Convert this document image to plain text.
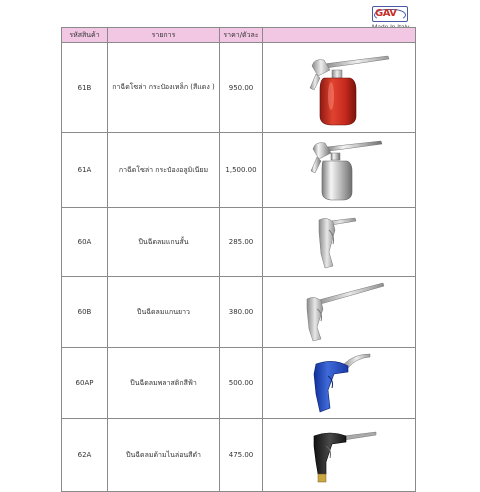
GAV
รหัสสินค้า	รายการ	ราคา/ตัวละ	
61B	กาฉีดโซล่า กระป๋องเหล็ก (สีแดง )	950.00	

61A	กาฉีดโซล่า กระป๋องอลูมิเนียม	1,500.00	

60A	ปืนฉีดลมแกนสั้น	285.00	

60B	ปืนฉีดลมแกนยาว	380.00	

60AP	ปืนฉีดลมพลาสติกสีฟ้า	500.00	

62A	ปืนฉีดลมด้ามไนล่อนสีดำ	475.00	
